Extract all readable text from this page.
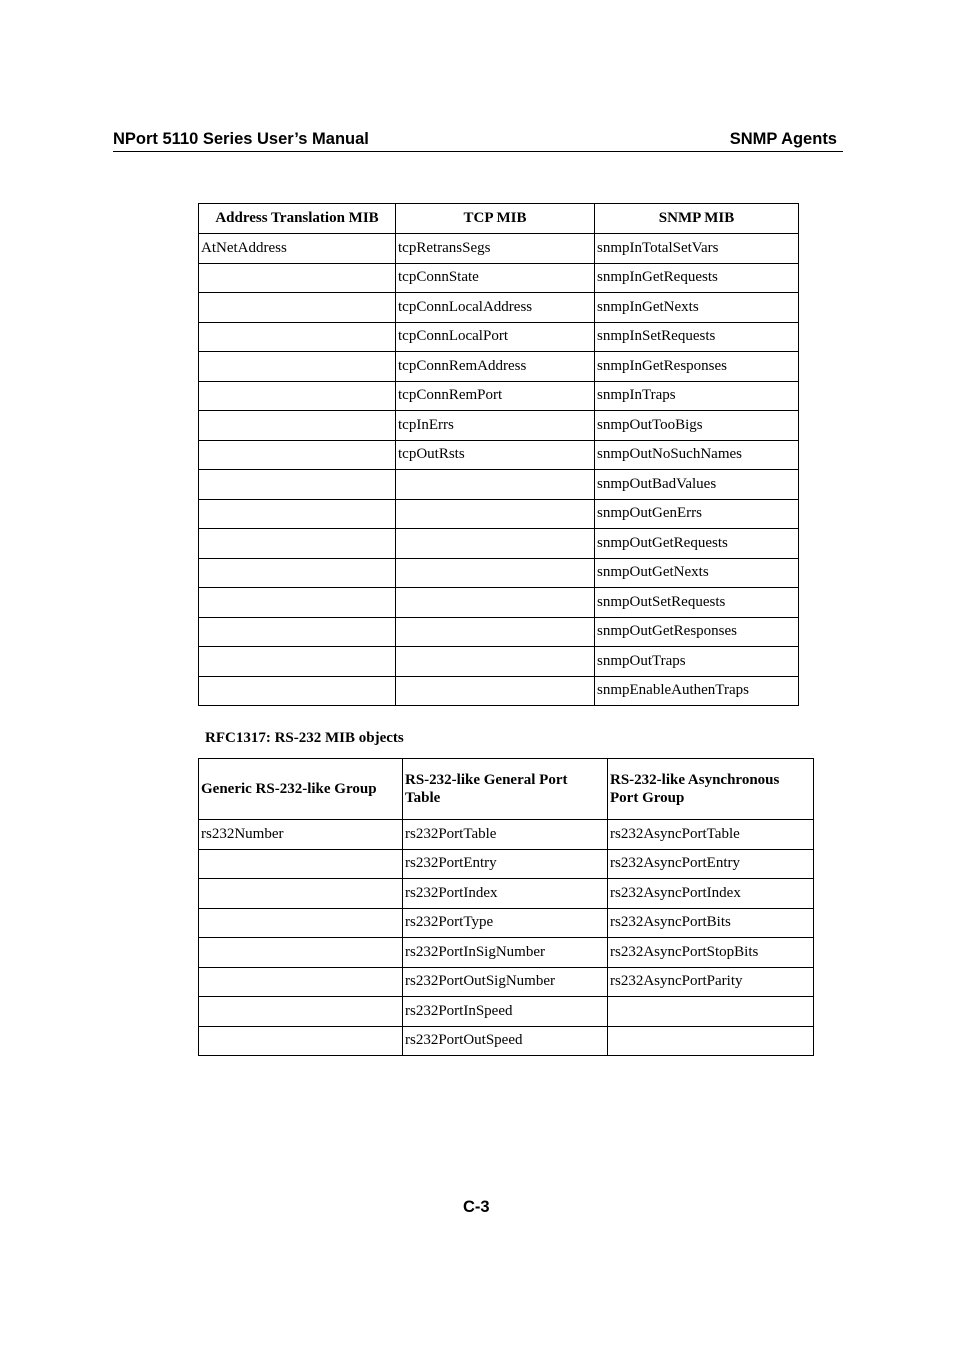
NPort 5110 Series User’s Manual	SNMP Agents
Address Translation MIB	TCP MIB	SNMP MIB
AtNetAddress	tcpRetransSegs	snmpInTotalSetVars
	tcpConnState	snmpInGetRequests
	tcpConnLocalAddress	snmpInGetNexts
	tcpConnLocalPort	snmpInSetRequests
	tcpConnRemAddress	snmpInGetResponses
	tcpConnRemPort	snmpInTraps
	tcpInErrs	snmpOutTooBigs
	tcpOutRsts	snmpOutNoSuchNames
		snmpOutBadValues
		snmpOutGenErrs
		snmpOutGetRequests
		snmpOutGetNexts
		snmpOutSetRequests
		snmpOutGetResponses
		snmpOutTraps
		snmpEnableAuthenTraps
RFC1317: RS-232 MIB objects
Generic RS-232-like Group	RS-232-like General Port Table	RS-232-like Asynchronous Port Group
rs232Number	rs232PortTable	rs232AsyncPortTable
	rs232PortEntry	rs232AsyncPortEntry
	rs232PortIndex	rs232AsyncPortIndex
	rs232PortType	rs232AsyncPortBits
	rs232PortInSigNumber	rs232AsyncPortStopBits
	rs232PortOutSigNumber	rs232AsyncPortParity
	rs232PortInSpeed	
	rs232PortOutSpeed	
C-3
